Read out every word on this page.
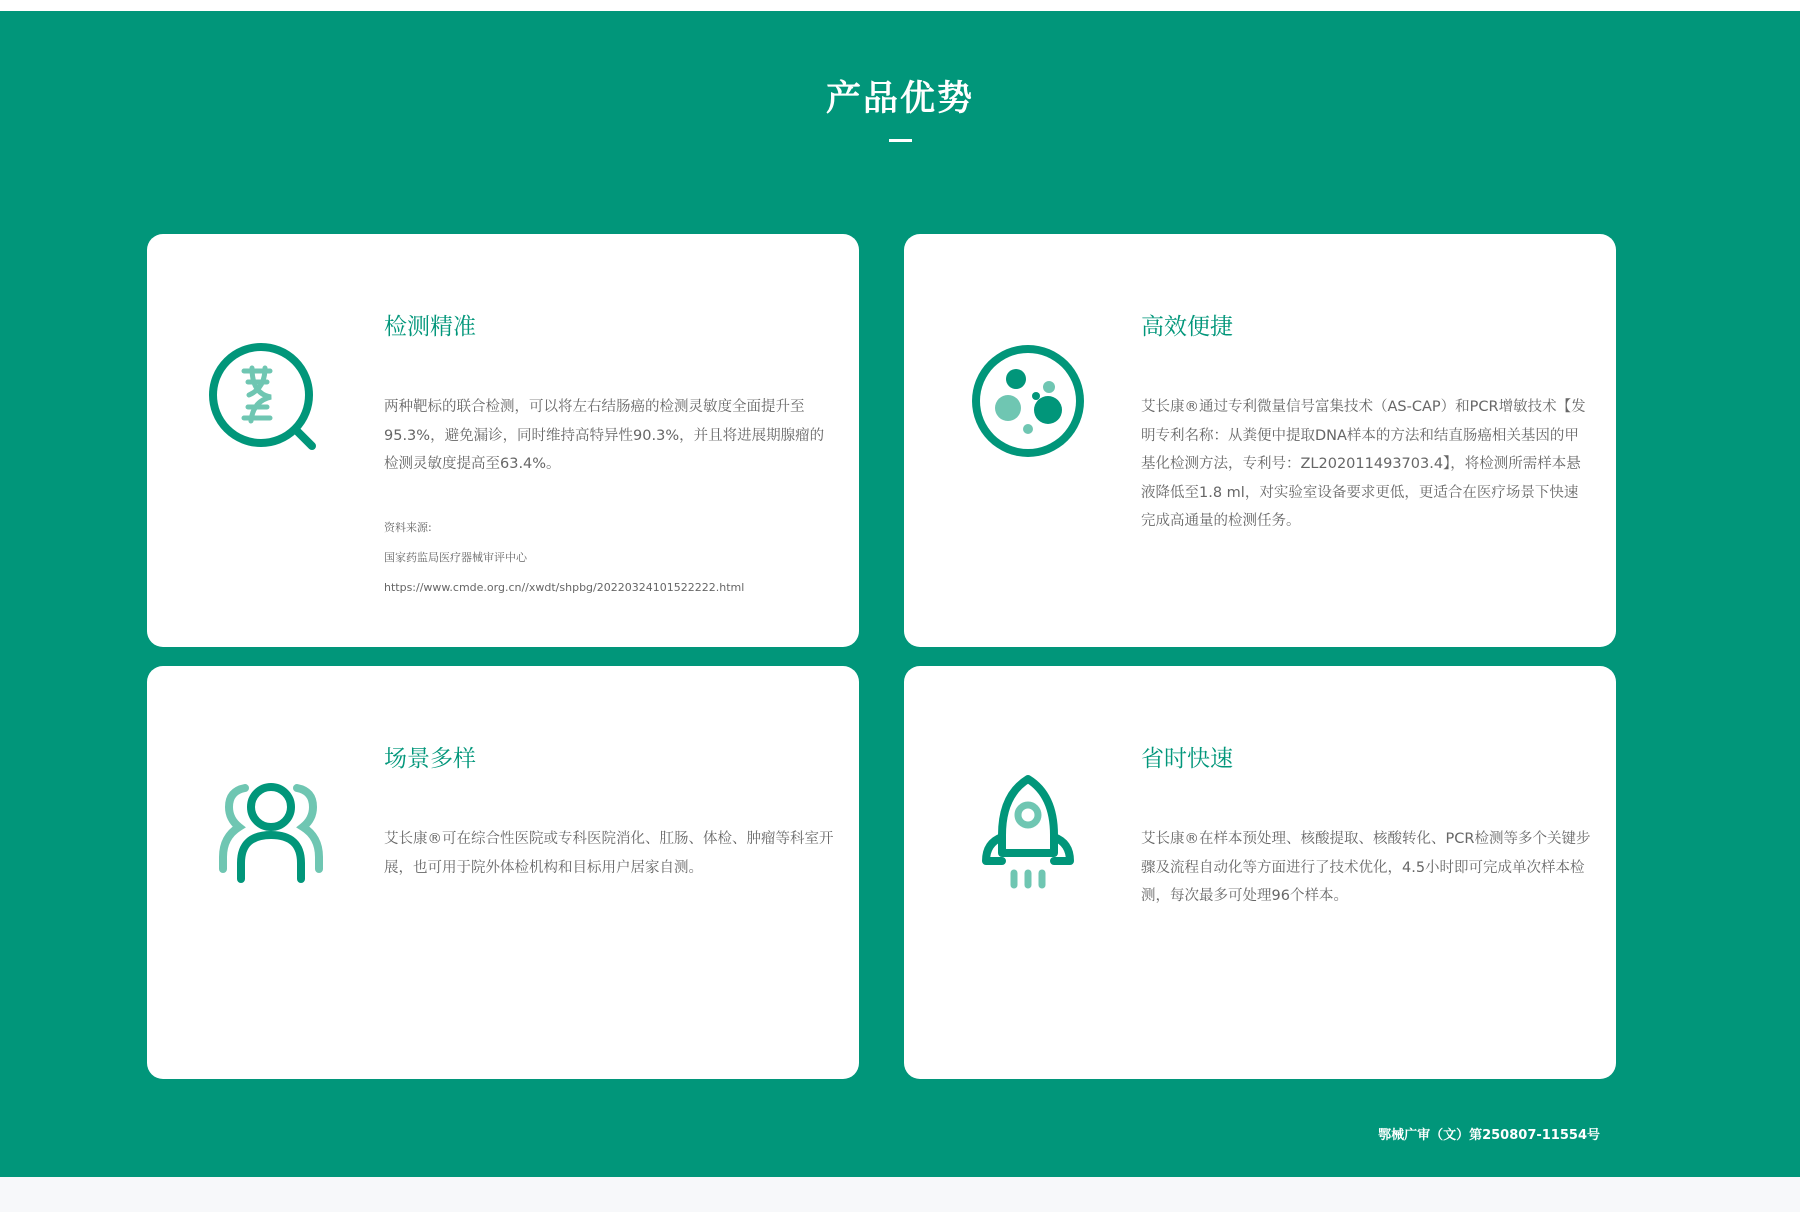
产品优势
检测精准
两种靶标的联合检测，可以将左右结肠癌的检测灵敏度全面提升至95.3%，避免漏诊，同时维持高特异性90.3%，并且将进展期腺瘤的检测灵敏度提高至63.4%。
资料来源:
国家药监局医疗器械审评中心
https://www.cmde.org.cn//xwdt/shpbg/20220324101522222.html
高效便捷
艾长康®通过专利微量信号富集技术（AS-CAP）和PCR增敏技术【发明专利名称：从粪便中提取DNA样本的方法和结直肠癌相关基因的甲基化检测方法，专利号：ZL202011493703.4】，将检测所需样本悬液降低至1.8 ml，对实验室设备要求更低，更适合在医疗场景下快速完成高通量的检测任务。
场景多样
艾长康®可在综合性医院或专科医院消化、肛肠、体检、肿瘤等科室开展，也可用于院外体检机构和目标用户居家自测。
省时快速
艾长康®在样本预处理、核酸提取、核酸转化、PCR检测等多个关键步骤及流程自动化等方面进行了技术优化，4.5小时即可完成单次样本检测，每次最多可处理96个样本。
鄂械广审（文）第250807-11554号
